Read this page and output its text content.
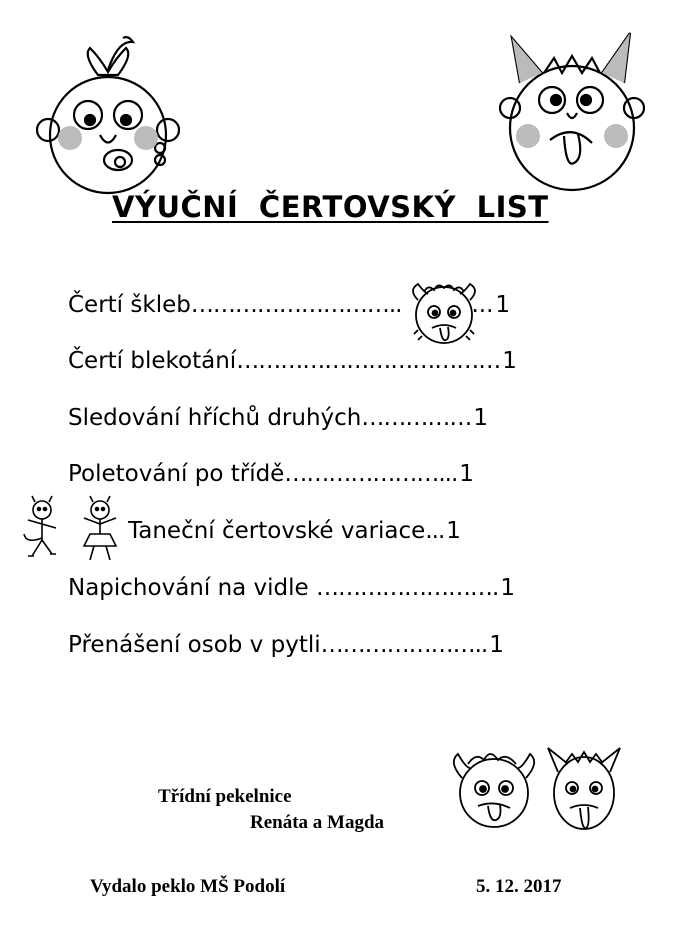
VÝUČNÍ ČERTOVSKÝ LIST
Čertí škleb………………………..	...1
Čertí blekotání………………………………1
Sledování hříchů druhých……………1
Poletování po třídě…………………...1
Taneční čertovské variace...1
Napichování na vidle …………………….1
Přenášení osob v pytli…………………..1
Třídní pekelnice
Renáta a Magda
Vydalo peklo MŠ Podolí	5. 12. 2017
